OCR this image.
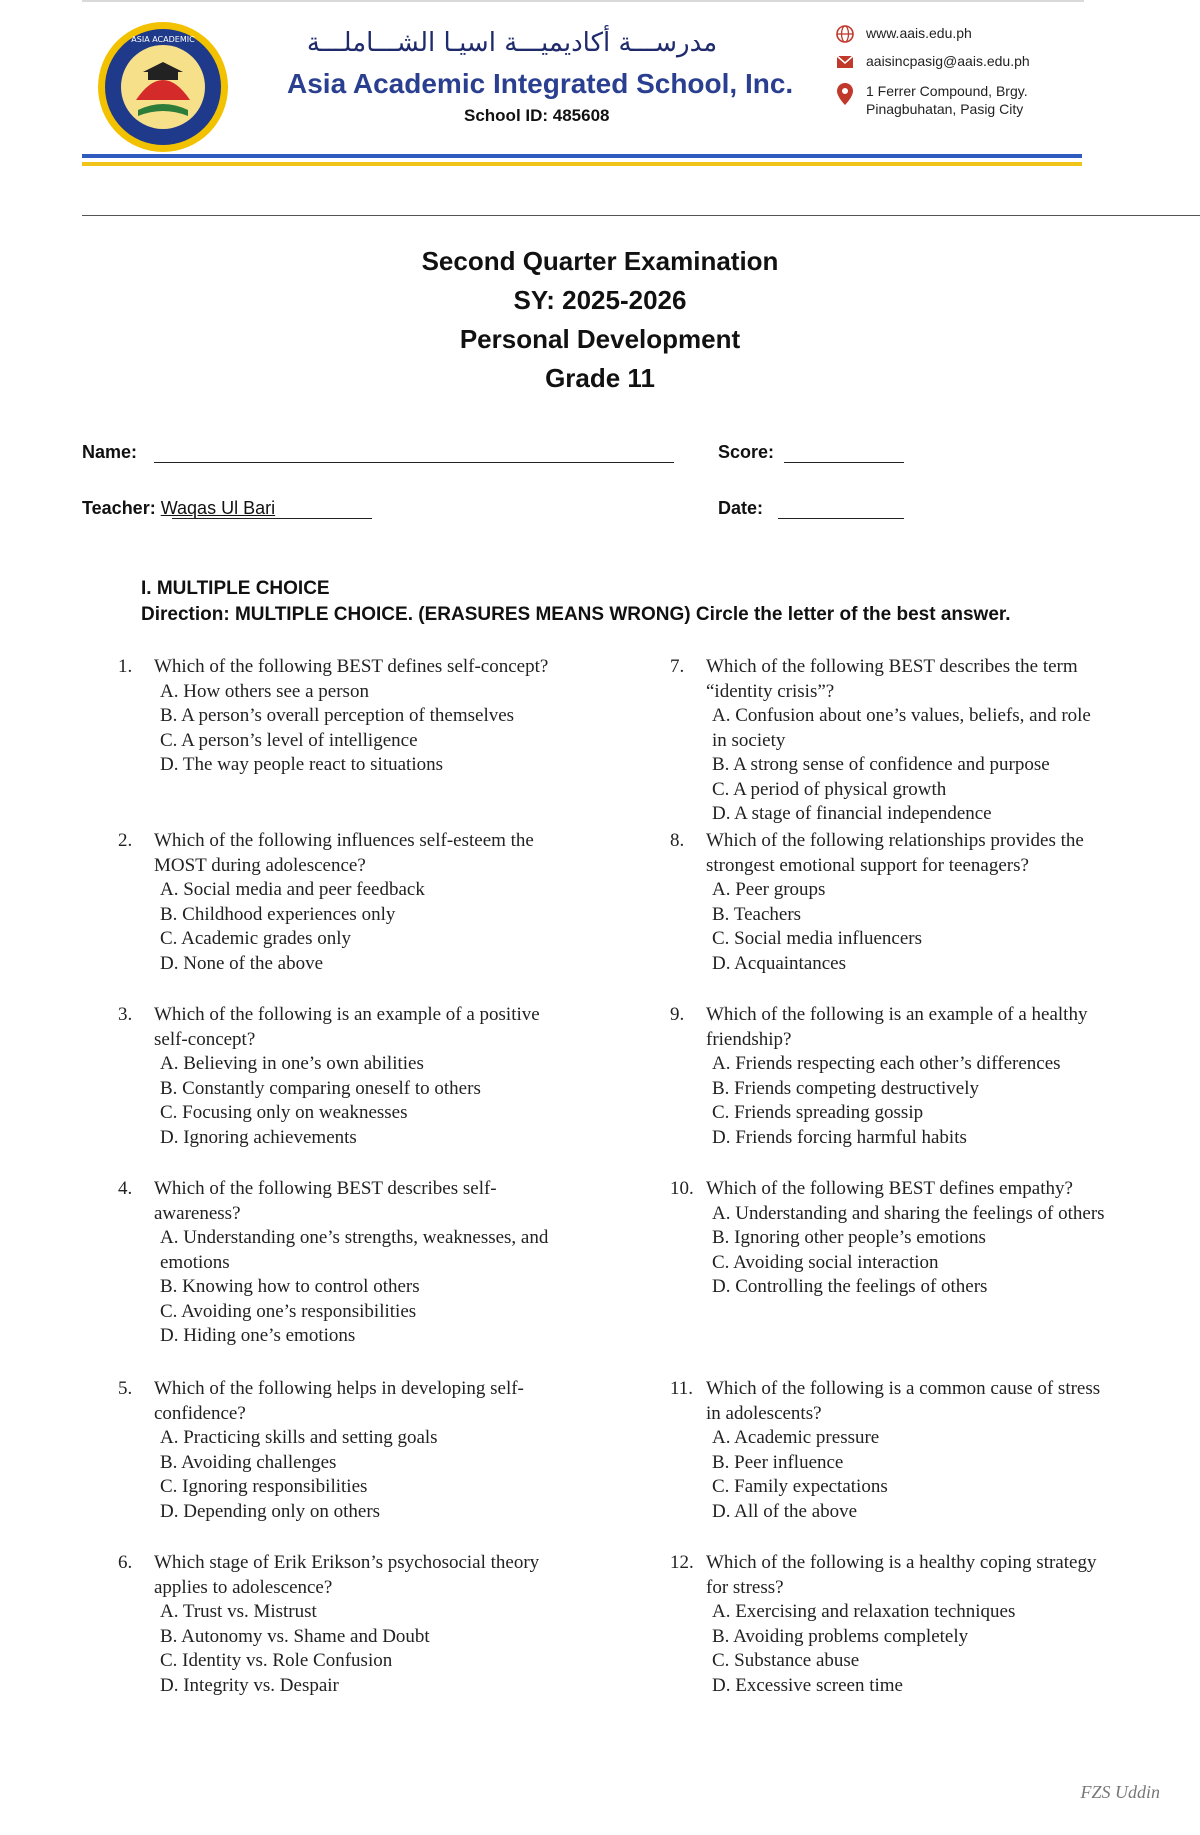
ASIA ACADEMIC	مدرســـة أكاديميـــة اسيـا الشـــاملـــة
Asia Academic Integrated School, Inc.
School ID: 485608
www.aais.edu.ph
aaisincpasig@aais.edu.ph
1 Ferrer Compound, Brgy.
Pinagbuhatan, Pasig City
Second Quarter Examination
SY: 2025-2026
Personal Development
Grade 11
Name:	Score:
Teacher: Waqas Ul Bari	Date:
I. MULTIPLE CHOICE
Direction: MULTIPLE CHOICE. (ERASURES MEANS WRONG) Circle the letter of the best answer.
1.	Which of the following BEST defines self-concept?
A. How others see a person
B. A person’s overall perception of themselves
C. A person’s level of intelligence
D. The way people react to situations
2.	Which of the following influences self-esteem the MOST during adolescence?
A. Social media and peer feedback
B. Childhood experiences only
C. Academic grades only
D. None of the above
3.	Which of the following is an example of a positive self-concept?
A. Believing in one’s own abilities
B. Constantly comparing oneself to others
C. Focusing only on weaknesses
D. Ignoring achievements
4.	Which of the following BEST describes self-awareness?
A. Understanding one’s strengths, weaknesses, and emotions
B. Knowing how to control others
C. Avoiding one’s responsibilities
D. Hiding one’s emotions
5.	Which of the following helps in developing self-confidence?
A. Practicing skills and setting goals
B. Avoiding challenges
C. Ignoring responsibilities
D. Depending only on others
6.	Which stage of Erik Erikson’s psychosocial theory applies to adolescence?
A. Trust vs. Mistrust
B. Autonomy vs. Shame and Doubt
C. Identity vs. Role Confusion
D. Integrity vs. Despair
7.	Which of the following BEST describes the term “identity crisis”?
A. Confusion about one’s values, beliefs, and role in society
B. A strong sense of confidence and purpose
C. A period of physical growth
D. A stage of financial independence
8.	Which of the following relationships provides the strongest emotional support for teenagers?
A. Peer groups
B. Teachers
C. Social media influencers
D. Acquaintances
9.	Which of the following is an example of a healthy friendship?
A. Friends respecting each other’s differences
B. Friends competing destructively
C. Friends spreading gossip
D. Friends forcing harmful habits
10. Which of the following BEST defines empathy?
A. Understanding and sharing the feelings of others
B. Ignoring other people’s emotions
C. Avoiding social interaction
D. Controlling the feelings of others
11. Which of the following is a common cause of stress in adolescents?
A. Academic pressure
B. Peer influence
C. Family expectations
D. All of the above
12. Which of the following is a healthy coping strategy for stress?
A. Exercising and relaxation techniques
B. Avoiding problems completely
C. Substance abuse
D. Excessive screen time
FZS Uddin
